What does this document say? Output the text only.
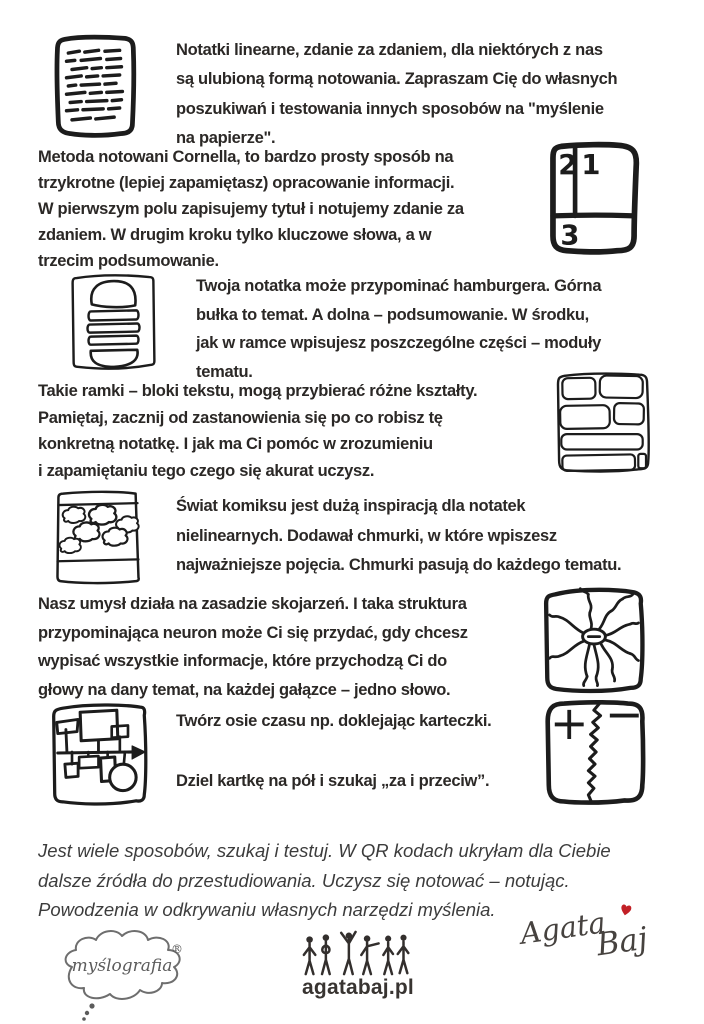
Notatki linearne, zdanie za zdaniem, dla niektórych z nas
są ulubioną formą notowania. Zapraszam Cię do własnych
poszukiwań i testowania innych sposobów na "myślenie
na papierze".
Metoda notowani Cornella, to bardzo prosty sposób na
trzykrotne (lepiej zapamiętasz) opracowanie informacji.
W pierwszym polu zapisujemy tytuł i notujemy zdanie za
zdaniem. W drugim kroku tylko kluczowe słowa, a w
trzecim podsumowanie.
2 1
3
Twoja notatka może przypominać hamburgera. Górna
bułka to temat. A dolna – podsumowanie. W środku,
jak w ramce wpisujesz poszczególne części – moduły
tematu.
Takie ramki – bloki tekstu, mogą przybierać różne kształty.
Pamiętaj, zacznij od zastanowienia się po co robisz tę
konkretną notatkę. I jak ma Ci pomóc w zrozumieniu
i zapamiętaniu tego czego się akurat uczysz.
Świat komiksu jest dużą inspiracją dla notatek
nielinearnych. Dodawał chmurki, w które wpiszesz
najważniejsze pojęcia. Chmurki pasują do każdego tematu.
Nasz umysł działa na zasadzie skojarzeń. I taka struktura
przypominająca neuron może Ci się przydać, gdy chcesz
wypisać wszystkie informacje, które przychodzą Ci do
głowy na dany temat, na każdej gałązce – jedno słowo.
Twórz osie czasu np. doklejając karteczki.
Dziel kartkę na pół i szukaj „za i przeciw”.
+ −
Jest wiele sposobów, szukaj i testuj. W QR kodach ukryłam dla Ciebie
dalsze źródła do przestudiowania. Uczysz się notować – notując.
Powodzenia w odkrywaniu własnych narzędzi myślenia.
myślografia
®
agatabaj.pl
Agata
Baj
